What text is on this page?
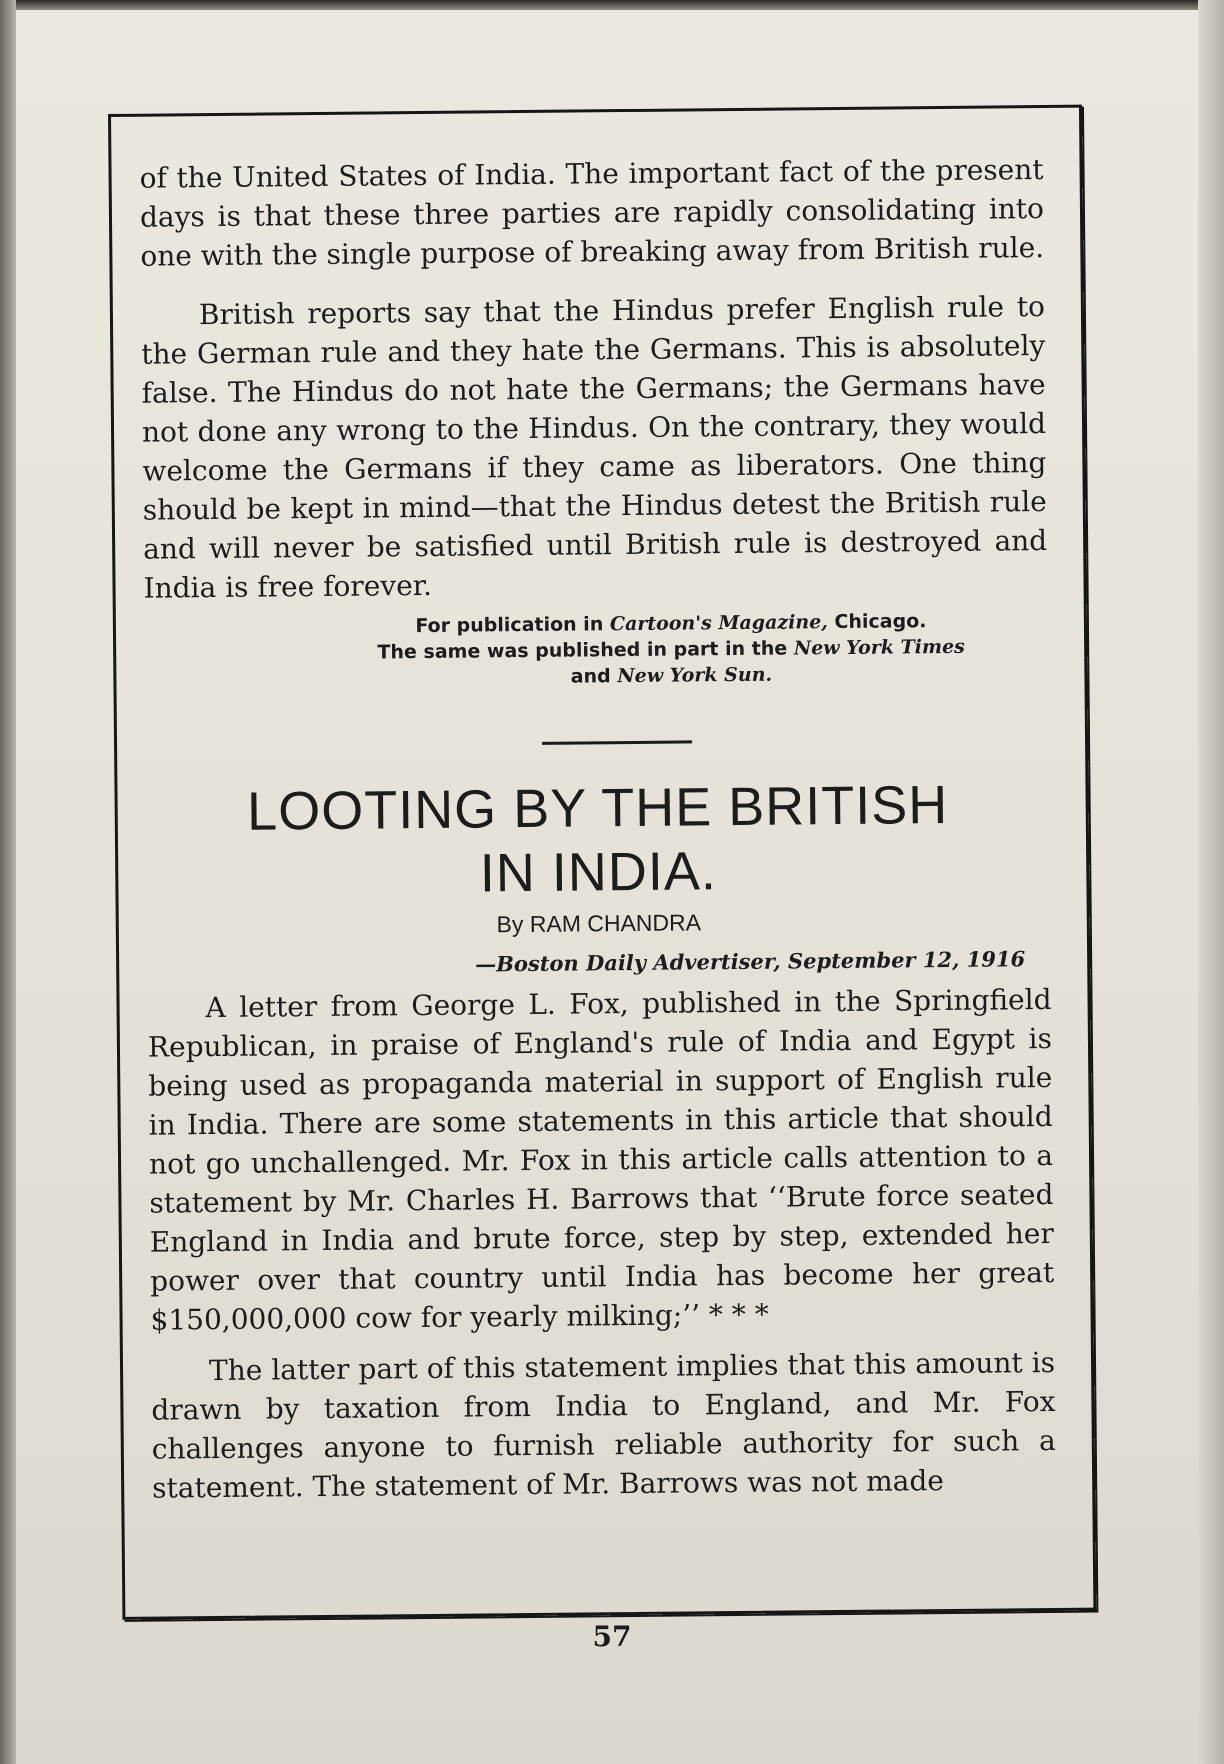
of the United States of India. The important fact of the present days is that these three parties are rapidly consolidating into one with the single purpose of breaking away from British rule.

British reports say that the Hindus prefer English rule to the German rule and they hate the Germans. This is absolutely false. The Hindus do not hate the Germans; the Germans have not done any wrong to the Hindus. On the contrary, they would welcome the Germans if they came as liberators. One thing should be kept in mind—that the Hindus detest the British rule and will never be satisfied until British rule is destroyed and India is free forever.

For publication in Cartoon's Magazine, Chicago.
The same was published in part in the New York Times
and New York Sun.
LOOTING BY THE BRITISH
IN INDIA.
By RAM CHANDRA
—Boston Daily Advertiser, September 12, 1916

A letter from George L. Fox, published in the Springfield Republican, in praise of England's rule of India and Egypt is being used as propaganda material in support of English rule in India. There are some statements in this article that should not go unchallenged. Mr. Fox in this article calls attention to a statement by Mr. Charles H. Barrows that ‘‘Brute force seated England in India and brute force, step by step, extended her power over that country until India has become her great $150,000,000 cow for yearly milking;’’ * * *

The latter part of this statement implies that this amount is drawn by taxation from India to England, and Mr. Fox challenges anyone to furnish reliable authority for such a statement. The statement of Mr. Barrows was not made

57
